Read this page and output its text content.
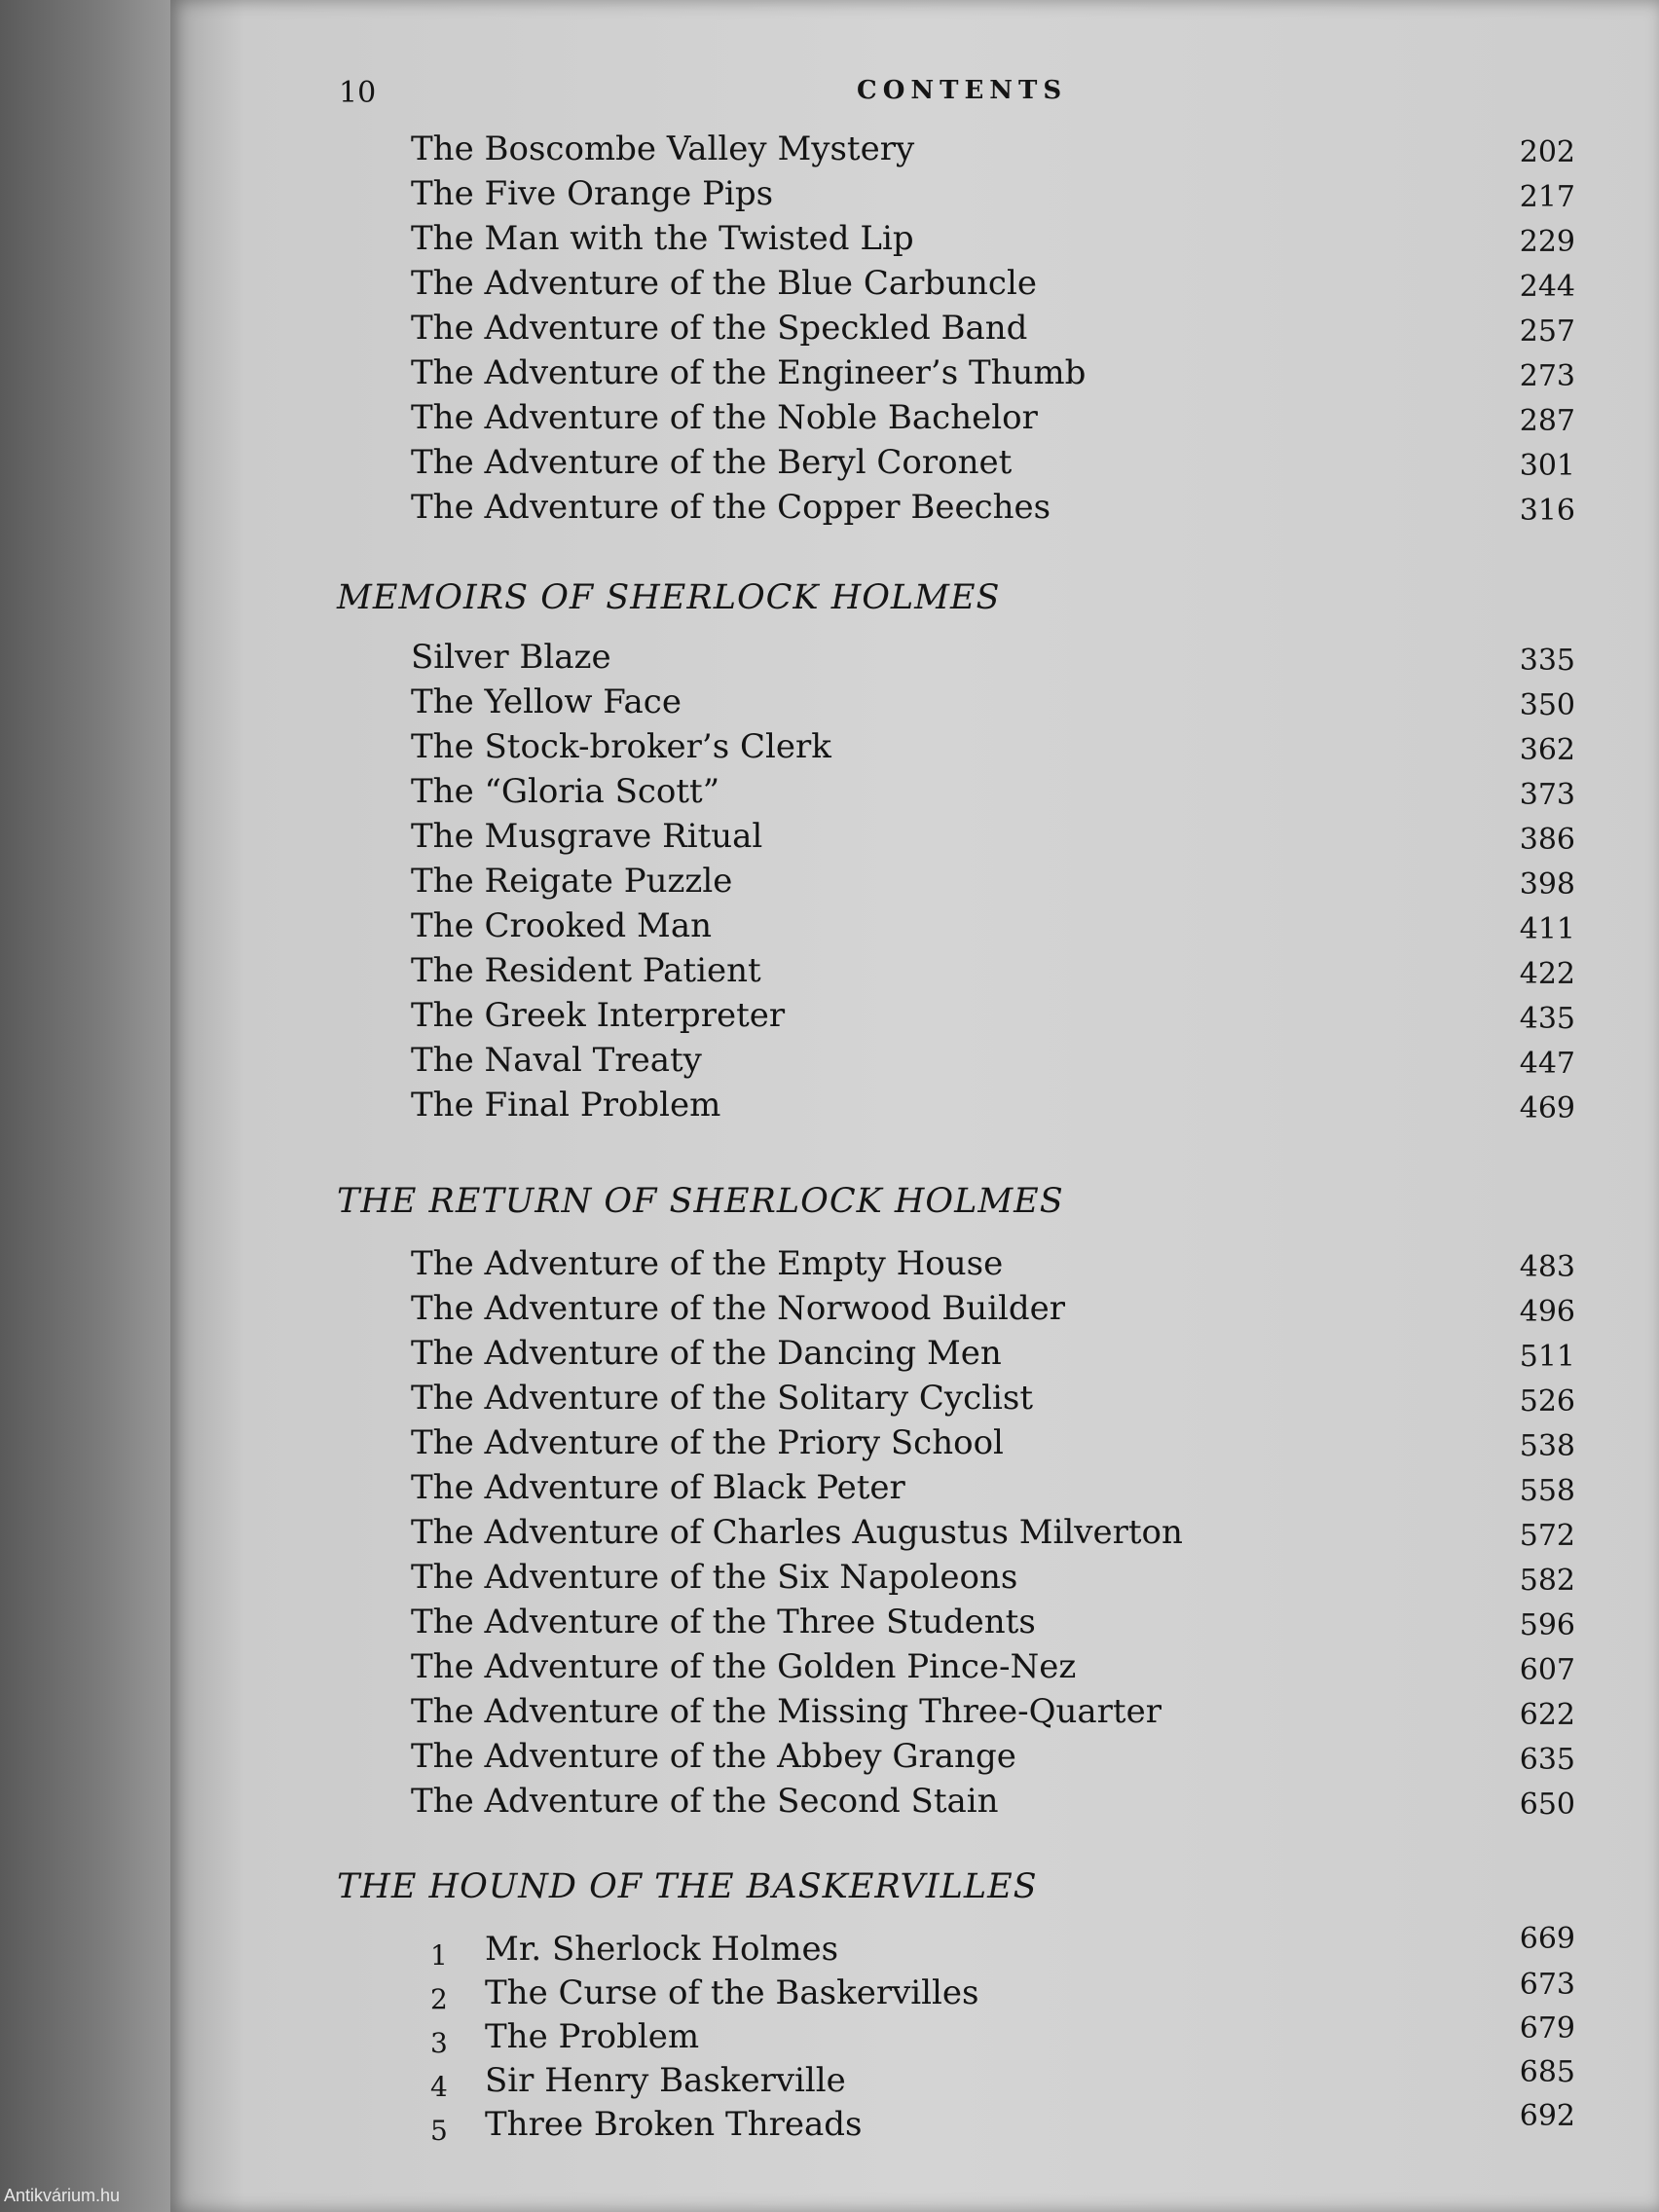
10	CONTENTS
The Boscombe Valley Mystery	202
The Five Orange Pips	217
The Man with the Twisted Lip	229
The Adventure of the Blue Carbuncle	244
The Adventure of the Speckled Band	257
The Adventure of the Engineer’s Thumb	273
The Adventure of the Noble Bachelor	287
The Adventure of the Beryl Coronet	301
The Adventure of the Copper Beeches	316
MEMOIRS OF SHERLOCK HOLMES
Silver Blaze	335
The Yellow Face	350
The Stock-broker’s Clerk	362
The “Gloria Scott”	373
The Musgrave Ritual	386
The Reigate Puzzle	398
The Crooked Man	411
The Resident Patient	422
The Greek Interpreter	435
The Naval Treaty	447
The Final Problem	469
THE RETURN OF SHERLOCK HOLMES
The Adventure of the Empty House	483
The Adventure of the Norwood Builder	496
The Adventure of the Dancing Men	511
The Adventure of the Solitary Cyclist	526
The Adventure of the Priory School	538
The Adventure of Black Peter	558
The Adventure of Charles Augustus Milverton	572
The Adventure of the Six Napoleons	582
The Adventure of the Three Students	596
The Adventure of the Golden Pince-Nez	607
The Adventure of the Missing Three-Quarter	622
The Adventure of the Abbey Grange	635
The Adventure of the Second Stain	650
THE HOUND OF THE BASKERVILLES
1 Mr. Sherlock Holmes	669
2 The Curse of the Baskervilles	673
3 The Problem	679
4 Sir Henry Baskerville	685
5 Three Broken Threads	692
Antikvárium.hu
